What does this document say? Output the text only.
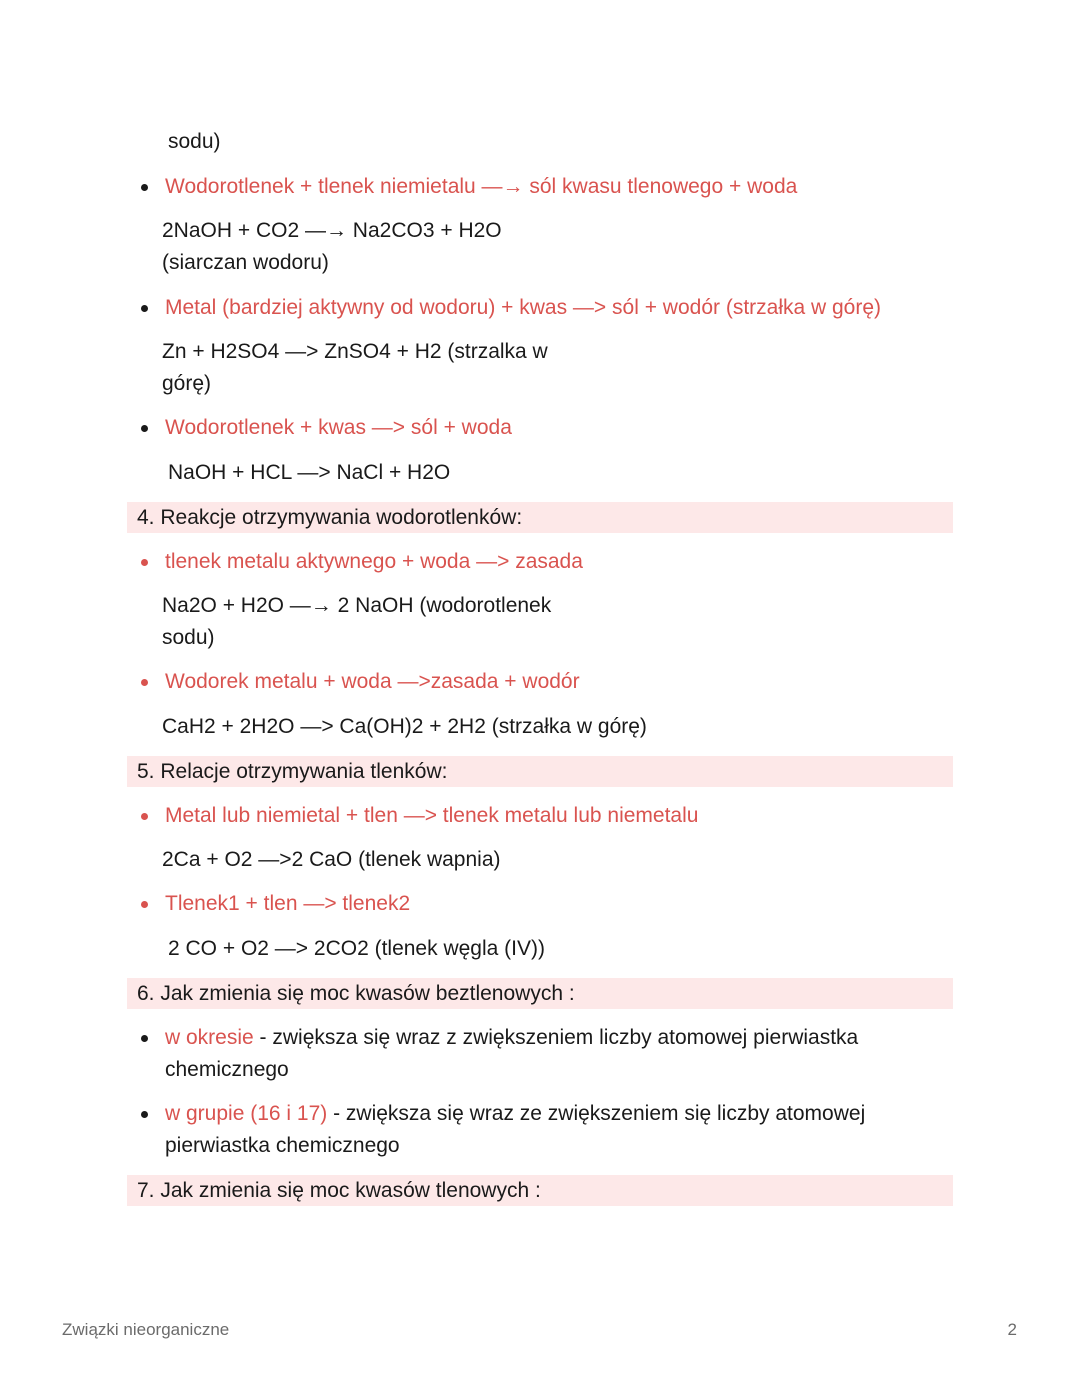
sodu)
Wodorotlenek + tlenek niemietalu —→ sól kwasu tlenowego + woda
2NaOH + CO2 —→ Na2CO3 + H2O
(siarczan wodoru)
Metal (bardziej aktywny od wodoru) + kwas —> sól + wodór (strzałka w górę)
Zn + H2SO4 —> ZnSO4 + H2 (strzalka w
górę)
Wodorotlenek + kwas —> sól + woda
NaOH + HCL —> NaCl + H2O
4. Reakcje otrzymywania wodorotlenków:
tlenek metalu aktywnego + woda —> zasada
Na2O + H2O —→ 2 NaOH (wodorotlenek
sodu)
Wodorek metalu + woda —>zasada + wodór
CaH2 + 2H2O —> Ca(OH)2 + 2H2 (strzałka w górę)
5. Relacje otrzymywania tlenków:
Metal lub niemietal + tlen —> tlenek metalu lub niemetalu
2Ca + O2 —>2 CaO (tlenek wapnia)
Tlenek1 + tlen —> tlenek2
2 CO + O2 —> 2CO2 (tlenek węgla (IV))
6. Jak zmienia się moc kwasów beztlenowych :
w okresie - zwiększa się wraz z zwiększeniem liczby atomowej pierwiastka
chemicznego
w grupie (16 i 17) - zwiększa się wraz ze zwiększeniem się liczby atomowej
pierwiastka chemicznego
7. Jak zmienia się moc kwasów tlenowych :
Związki nieorganiczne	2
